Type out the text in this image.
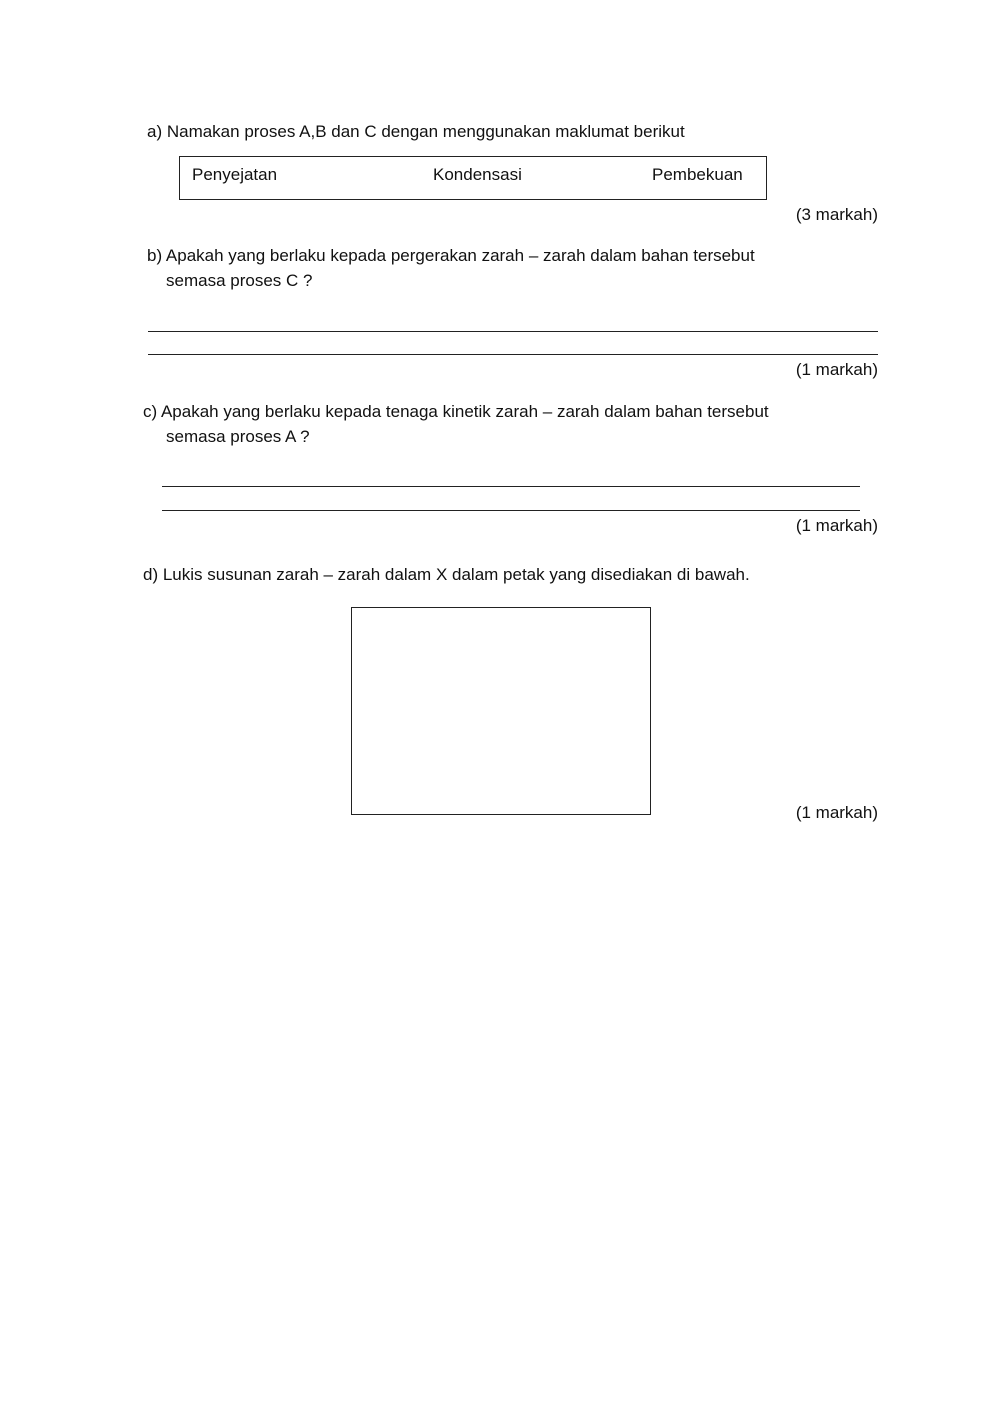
a) Namakan proses A,B dan C dengan menggunakan maklumat berikut
Penyejatan	Kondensasi	Pembekuan
(3 markah)
b) Apakah yang berlaku kepada pergerakan zarah – zarah dalam bahan tersebut
semasa proses C ?
(1 markah)
c) Apakah yang berlaku kepada tenaga kinetik zarah – zarah dalam bahan tersebut
semasa proses A ?
(1 markah)
d) Lukis susunan zarah – zarah dalam X dalam petak yang disediakan di bawah.
(1 markah)
